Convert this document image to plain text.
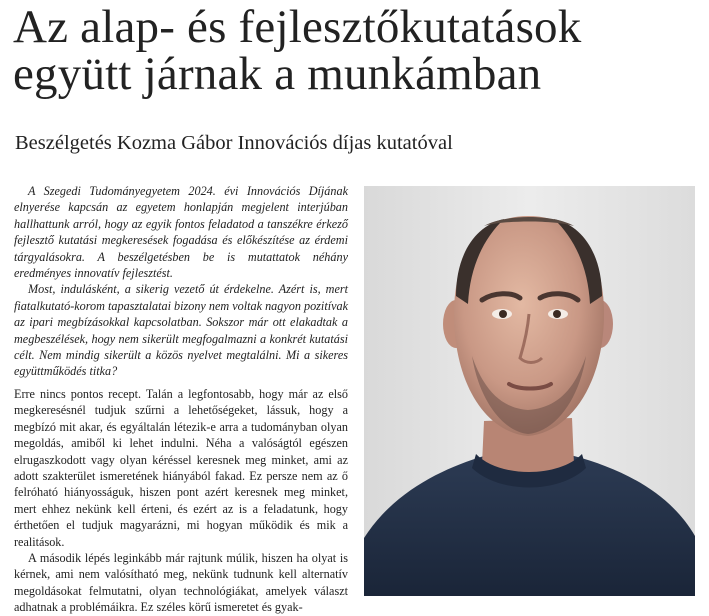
Az alap- és fejlesztőkutatások
együtt járnak a munkámban
Beszélgetés Kozma Gábor Innovációs díjas kutatóval

A Szegedi Tudományegyetem 2024. évi Innovációs Díjának elnyerése kapcsán az egyetem honlapján megjelent interjúban hallhattunk arról, hogy az egyik fontos feladatod a tanszékre érkező fejlesztő kutatási megkeresések fogadása és előkészítése az érdemi tárgyalásokra. A beszélgetésben be is mutattatok néhány eredményes innovatív fejlesztést.

Most, indulásként, a sikerig vezető út érdekelne. Azért is, mert fiatalkutató-korom tapasztalatai bizony nem voltak nagyon pozitívak az ipari megbízásokkal kapcsolatban. Sokszor már ott elakadtak a megbeszélések, hogy nem sikerült megfogalmazni a konkrét kutatási célt. Nem mindig sikerült a közös nyelvet megtalálni. Mi a sikeres együttműködés titka?

Erre nincs pontos recept. Talán a legfontosabb, hogy már az első megkeresésnél tudjuk szűrni a lehetőségeket, lássuk, hogy a megbízó mit akar, és egyáltalán létezik-e arra a tudományban olyan megoldás, amiből ki lehet indulni. Néha a valóságtól egészen elrugaszkodott vagy olyan kéréssel keresnek meg minket, ami az adott szakterület ismeretének hiányából fakad. Ez persze nem az ő felróható hiányosságuk, hiszen pont azért keresnek meg minket, mert ehhez nekünk kell érteni, és ezért az is a feladatunk, hogy érthetően el tudjuk magyarázni, mi hogyan működik és mik a realitások.

A második lépés leginkább már rajtunk múlik, hiszen ha olyat is kérnek, ami nem valósítható meg, nekünk tudnunk kell alternatív megoldásokat felmutatni, olyan technológiákat, amelyek választ adhatnak a problémáikra. Ez széles körű ismeretet és gyak-
